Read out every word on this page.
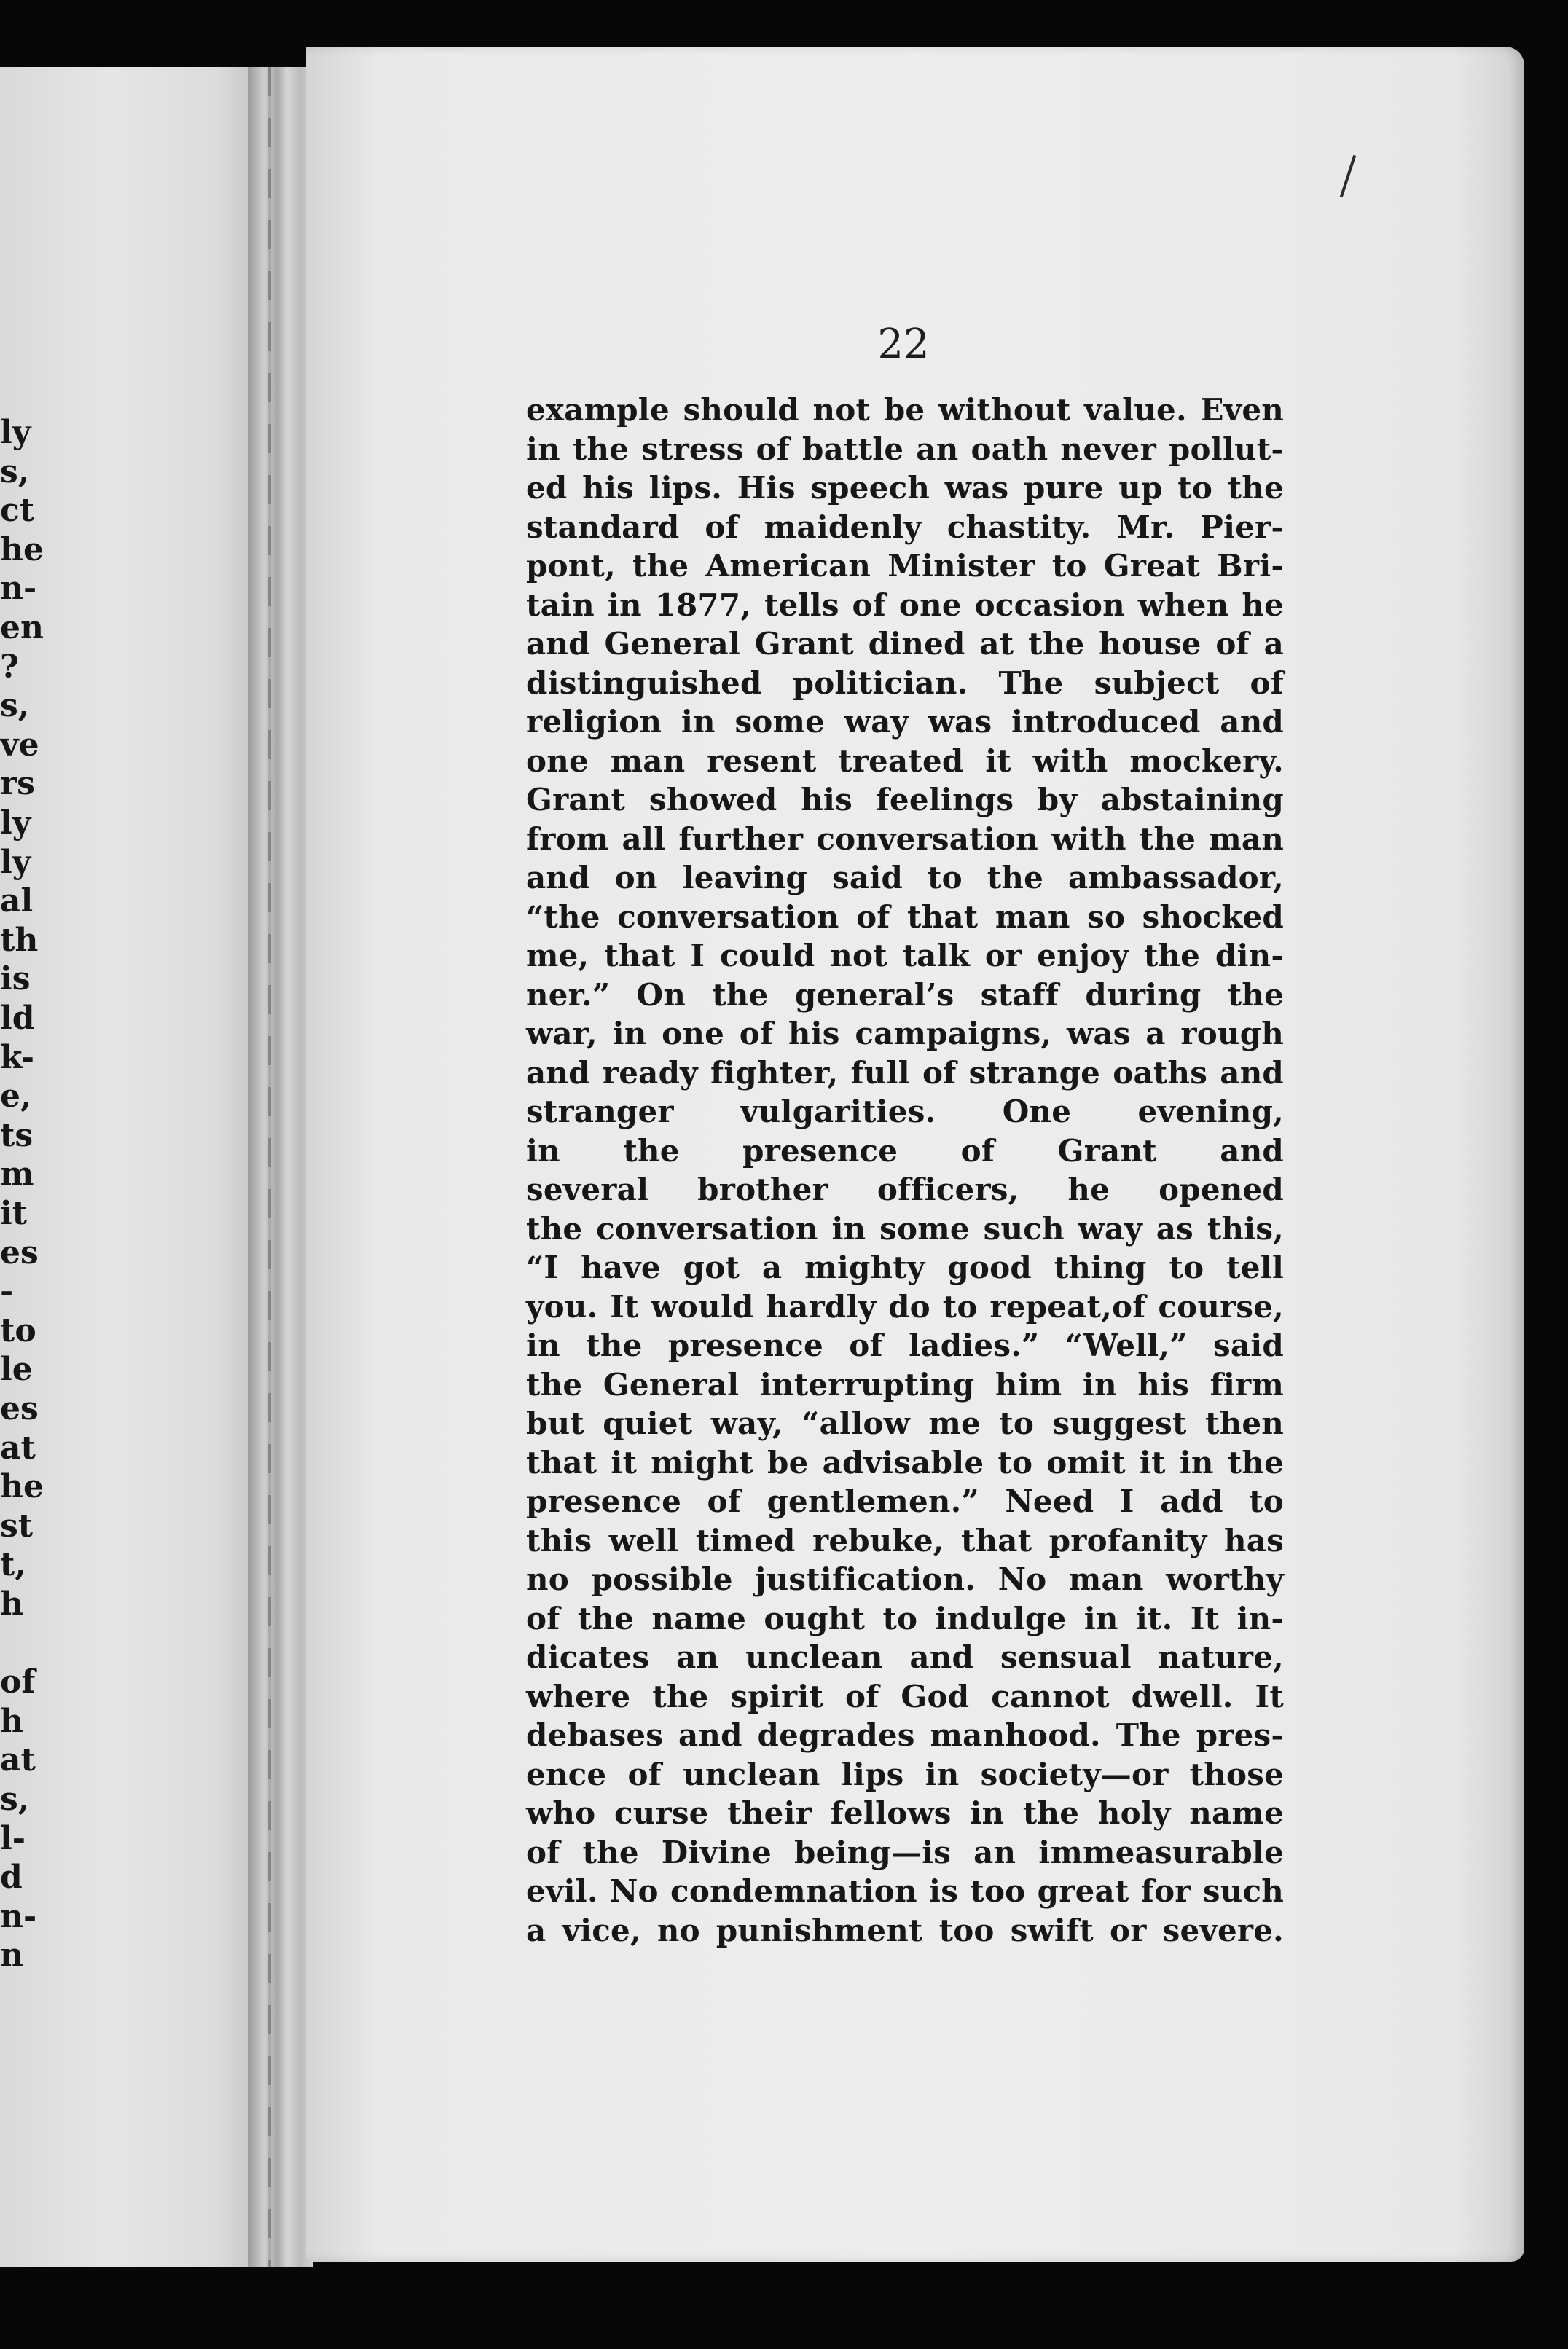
ly
s,
ct
he
n-
en
?
s,
ve
rs
ly
ly
al
th
is
ld
k-
e,
ts
m
it
es
-
to
le
es
at
he
st
t,
h
of
h
at
s,
l-
d
n-
n
22
example should not be without value. Even
in the stress of battle an oath never pollut-
ed his lips. His speech was pure up to the
standard of maidenly chastity. Mr. Pier-
pont, the American Minister to Great Bri-
tain in 1877, tells of one occasion when he
and General Grant dined at the house of a
distinguished politician. The subject of
religion in some way was introduced and
one man resent treated it with mockery.
Grant showed his feelings by abstaining
from all further conversation with the man
and on leaving said to the ambassador,
“the conversation of that man so shocked
me, that I could not talk or enjoy the din-
ner.” On the general’s staff during the
war, in one of his campaigns, was a rough
and ready fighter, full of strange oaths and
stranger vulgarities. One evening,
in the presence of Grant and
several brother officers, he opened
the conversation in some such way as this,
“I have got a mighty good thing to tell
you. It would hardly do to repeat,of course,
in the presence of ladies.” “Well,” said
the General interrupting him in his firm
but quiet way, “allow me to suggest then
that it might be advisable to omit it in the
presence of gentlemen.” Need I add to
this well timed rebuke, that profanity has
no possible justification. No man worthy
of the name ought to indulge in it. It in-
dicates an unclean and sensual nature,
where the spirit of God cannot dwell. It
debases and degrades manhood. The pres-
ence of unclean lips in society—or those
who curse their fellows in the holy name
of the Divine being—is an immeasurable
evil. No condemnation is too great for such
a vice, no punishment too swift or severe.
